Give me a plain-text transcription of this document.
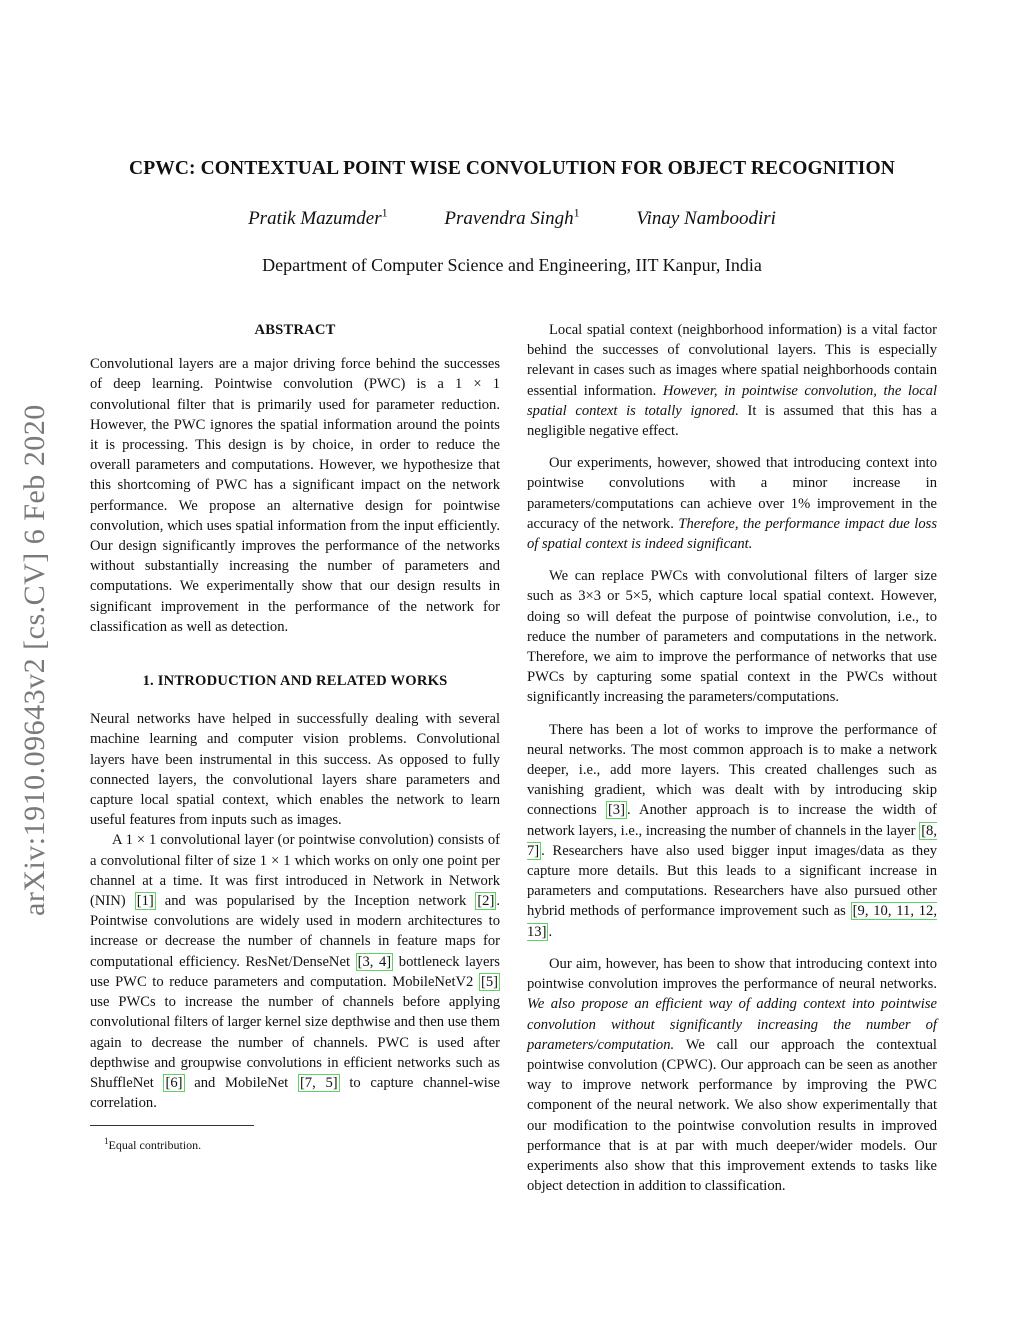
arXiv:1910.09643v2 [cs.CV] 6 Feb 2020
CPWC: CONTEXTUAL POINT WISE CONVOLUTION FOR OBJECT RECOGNITION
Pratik Mazumder$^1$	Pravendra Singh$^1$	Vinay Namboodiri
Department of Computer Science and Engineering, IIT Kanpur, India
ABSTRACT

Convolutional layers are a major driving force behind the successes of deep learning. Pointwise convolution (PWC) is a 1 × 1 convolutional filter that is primarily used for parameter reduction. However, the PWC ignores the spatial information around the points it is processing. This design is by choice, in order to reduce the overall parameters and computations. However, we hypothesize that this shortcoming of PWC has a significant impact on the network performance. We propose an alternative design for pointwise convolution, which uses spatial information from the input efficiently. Our design significantly improves the performance of the networks without substantially increasing the number of parameters and computations. We experimentally show that our design results in significant improvement in the performance of the network for classification as well as detection.

1. INTRODUCTION AND RELATED WORKS

Neural networks have helped in successfully dealing with several machine learning and computer vision problems. Convolutional layers have been instrumental in this success. As opposed to fully connected layers, the convolutional layers share parameters and capture local spatial context, which enables the network to learn useful features from inputs such as images.

A 1 × 1 convolutional layer (or pointwise convolution) consists of a convolutional filter of size 1 × 1 which works on only one point per channel at a time. It was first introduced in Network in Network (NIN) [1] and was popularised by the Inception network [2] . Pointwise convolutions are widely used in modern architectures to increase or decrease the number of channels in feature maps for computational efficiency. ResNet/DenseNet [3, 4] bottleneck layers use PWC to reduce parameters and computation. MobileNetV2 [5] use PWCs to increase the number of channels before applying convolutional filters of larger kernel size depthwise and then use them again to decrease the number of channels. PWC is used after depthwise and groupwise convolutions in efficient networks such as ShuffleNet [6] and MobileNet [7, 5] to capture channel-wise correlation.

$^1$Equal contribution.

Local spatial context (neighborhood information) is a vital factor behind the successes of convolutional layers. This is especially relevant in cases such as images where spatial neighborhoods contain essential information. However, in pointwise convolution, the local spatial context is totally ignored. It is assumed that this has a negligible negative effect.

Our experiments, however, showed that introducing context into pointwise convolutions with a minor increase in parameters/computations can achieve over 1% improvement in the accuracy of the network. Therefore, the performance impact due loss of spatial context is indeed significant.

We can replace PWCs with convolutional filters of larger size such as 3×3 or 5×5, which capture local spatial context. However, doing so will defeat the purpose of pointwise convolution, i.e., to reduce the number of parameters and computations in the network. Therefore, we aim to improve the performance of networks that use PWCs by capturing some spatial context in the PWCs without significantly increasing the parameters/computations.

There has been a lot of works to improve the performance of neural networks. The most common approach is to make a network deeper, i.e., add more layers. This created challenges such as vanishing gradient, which was dealt with by introducing skip connections [3] . Another approach is to increase the width of network layers, i.e., increasing the number of channels in the layer [8, 7] . Researchers have also used bigger input images/data as they capture more details. But this leads to a significant increase in parameters and computations. Researchers have also pursued other hybrid methods of performance improvement such as [9, 10, 11, 12, 13] .

Our aim, however, has been to show that introducing context into pointwise convolution improves the performance of neural networks. We also propose an efficient way of adding context into pointwise convolution without significantly increasing the number of parameters/computation. We call our approach the contextual pointwise convolution (CPWC). Our approach can be seen as another way to improve network performance by improving the PWC component of the neural network. We also show experimentally that our modification to the pointwise convolution results in improved performance that is at par with much deeper/wider models. Our experiments also show that this improvement extends to tasks like object detection in addition to classification.
